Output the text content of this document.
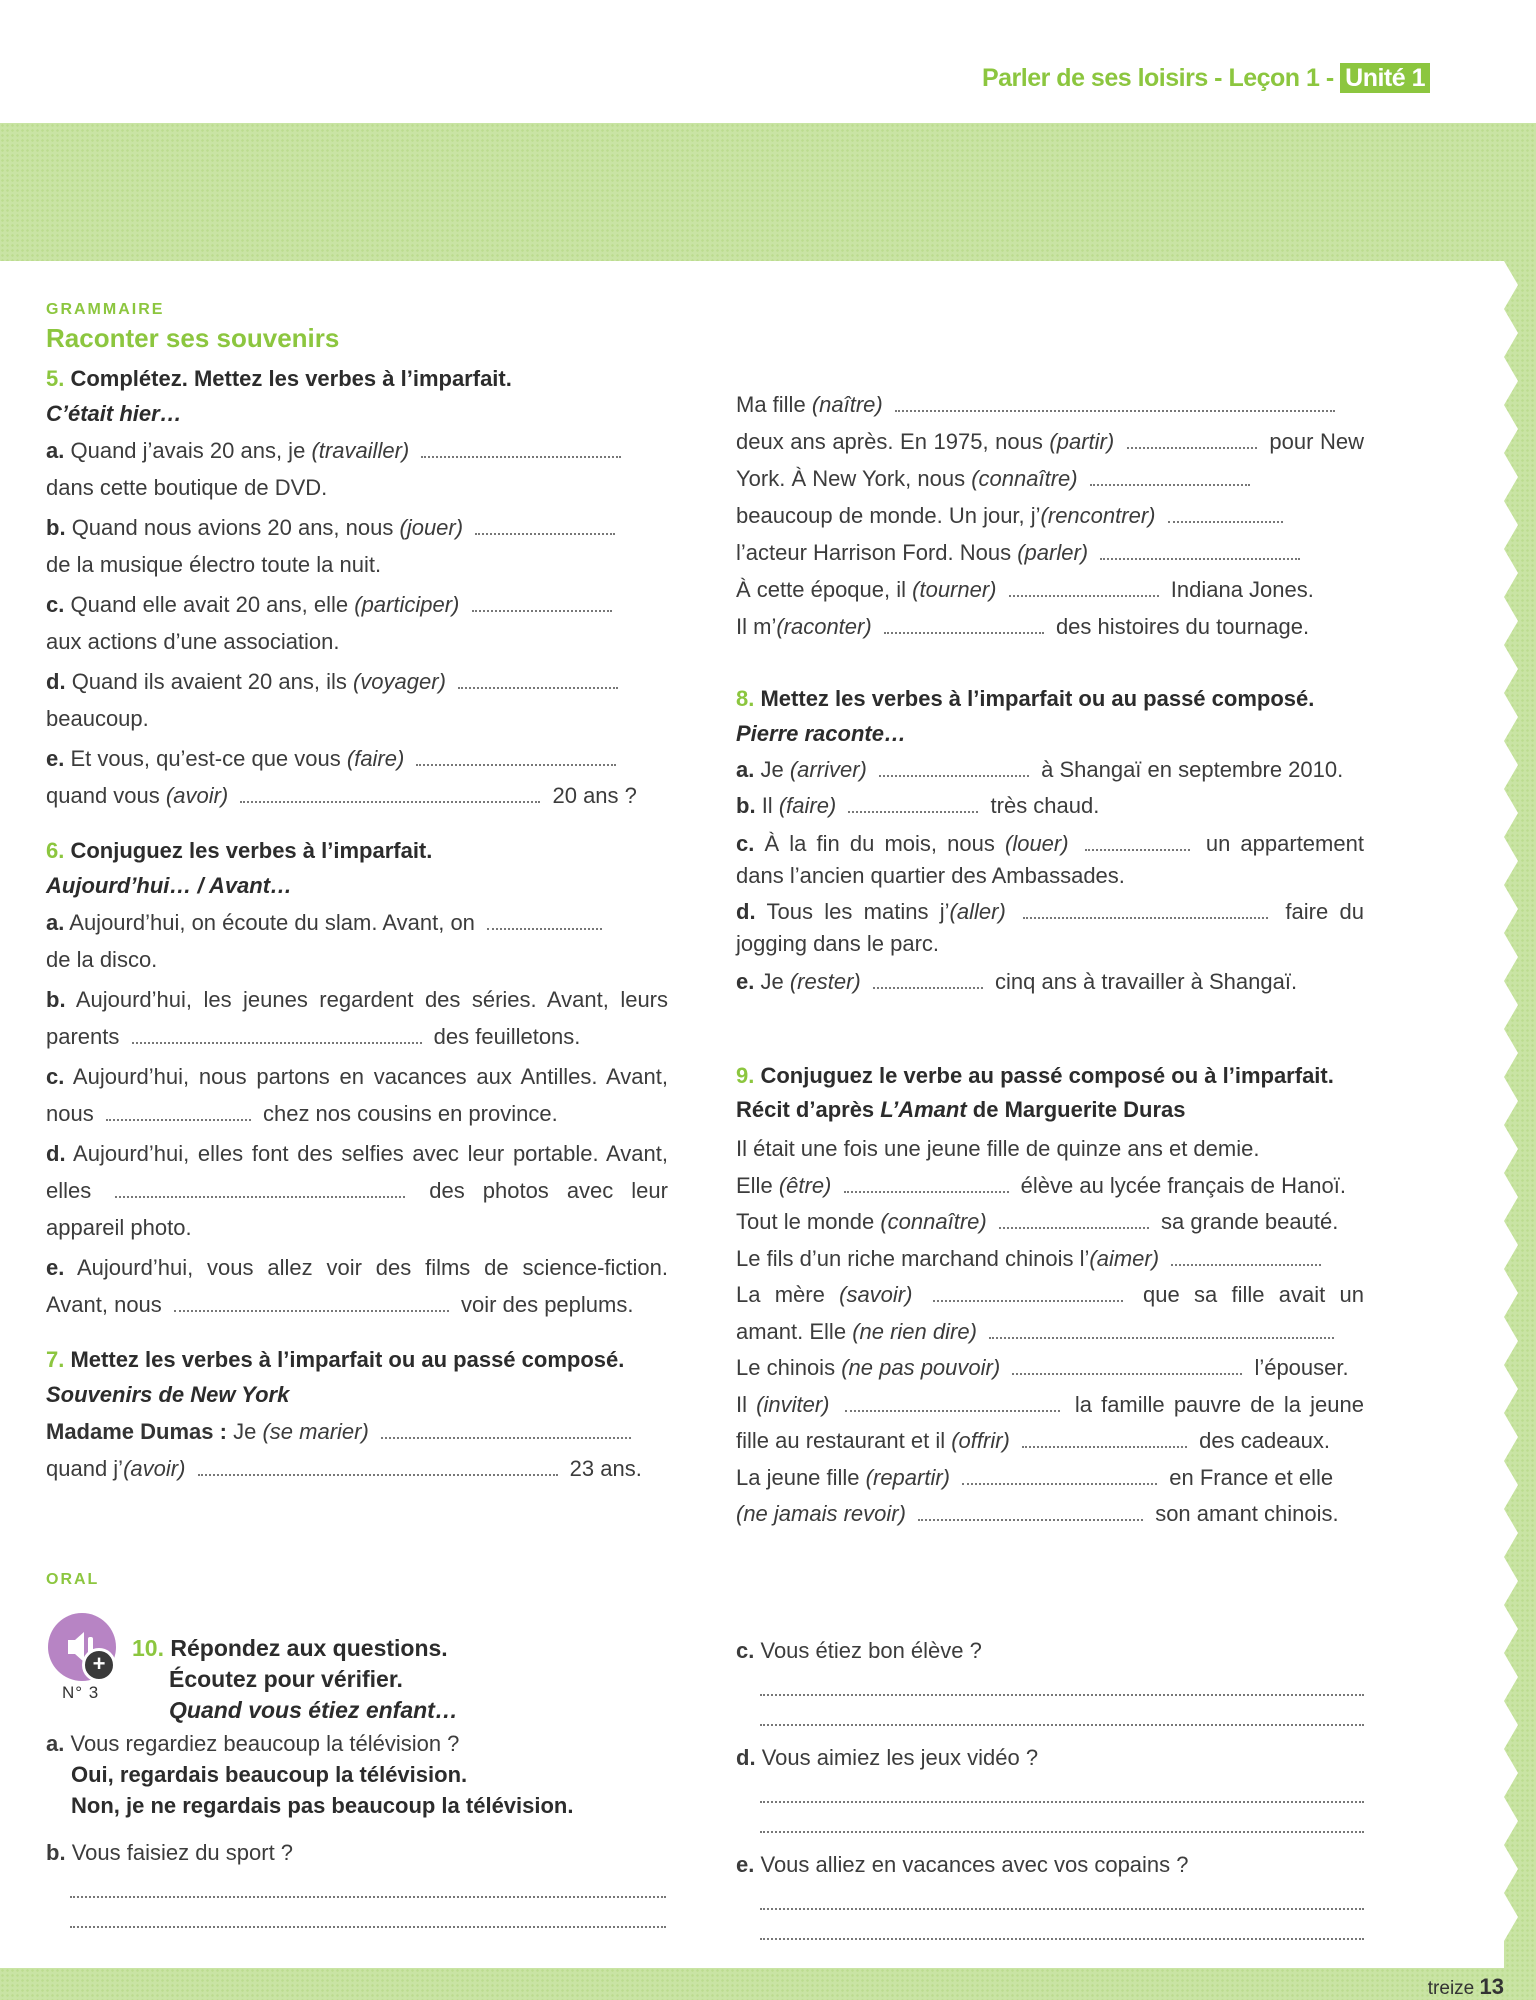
Parler de ses loisirs - Leçon 1 - Unité 1
GRAMMAIRE
Raconter ses souvenirs
5. Complétez. Mettez les verbes à l’imparfait.
C’était hier…
a. Quand j’avais 20 ans, je (travailler)
dans cette boutique de DVD.
b. Quand nous avions 20 ans, nous (jouer)
de la musique électro toute la nuit.
c. Quand elle avait 20 ans, elle (participer)
aux actions d’une association.
d. Quand ils avaient 20 ans, ils (voyager)
beaucoup.
e. Et vous, qu’est-ce que vous (faire)
quand vous (avoir)	20 ans ?
6. Conjuguez les verbes à l’imparfait.
Aujourd’hui… / Avant…
a. Aujourd’hui, on écoute du slam. Avant, on
de la disco.
b. Aujourd’hui, les jeunes regardent des séries. Avant, leurs parents	des feuilletons.
c. Aujourd’hui, nous partons en vacances aux Antilles. Avant, nous	chez nos cousins en province.
d. Aujourd’hui, elles font des selfies avec leur portable. Avant, elles	des photos avec leur appareil photo.
e. Aujourd’hui, vous allez voir des films de science-fiction. Avant, nous	voir des peplums.
7. Mettez les verbes à l’imparfait ou au passé composé.
Souvenirs de New York
Madame Dumas : Je (se marier)
quand j’(avoir)	23 ans.
Ma fille (naître)
deux ans après. En 1975, nous (partir)	pour New York. À New York, nous (connaître)
beaucoup de monde. Un jour, j’(rencontrer)
l’acteur Harrison Ford. Nous (parler)
À cette époque, il (tourner)	Indiana Jones.
Il m’(raconter)	des histoires du tournage.
8. Mettez les verbes à l’imparfait ou au passé composé.
Pierre raconte…
a. Je (arriver)	à Shangaï en septembre 2010.
b. Il (faire)	très chaud.
c. À la fin du mois, nous (louer)	un appartement dans l’ancien quartier des Ambassades.
d. Tous les matins j’(aller)	faire du jogging dans le parc.
e. Je (rester)	cinq ans à travailler à Shangaï.
9. Conjuguez le verbe au passé composé ou à l’imparfait.
Récit d’après L’Amant de Marguerite Duras
Il était une fois une jeune fille de quinze ans et demie.
Elle (être)	élève au lycée français de Hanoï.
Tout le monde (connaître)	sa grande beauté.
Le fils d’un riche marchand chinois l’(aimer)
La mère (savoir)	que sa fille avait un amant. Elle (ne rien dire)
Le chinois (ne pas pouvoir)	l’épouser.
Il (inviter)	la famille pauvre de la jeune fille au restaurant et il (offrir)	des cadeaux.
La jeune fille (repartir)	en France et elle
(ne jamais revoir)	son amant chinois.
ORAL
+
N° 3
10. Répondez aux questions.
Écoutez pour vérifier.
Quand vous étiez enfant…
a. Vous regardiez beaucoup la télévision ?
Oui, regardais beaucoup la télévision.
Non, je ne regardais pas beaucoup la télévision.
b. Vous faisiez du sport ?
c. Vous étiez bon élève ?
d. Vous aimiez les jeux vidéo ?
e. Vous alliez en vacances avec vos copains ?
treize 13
